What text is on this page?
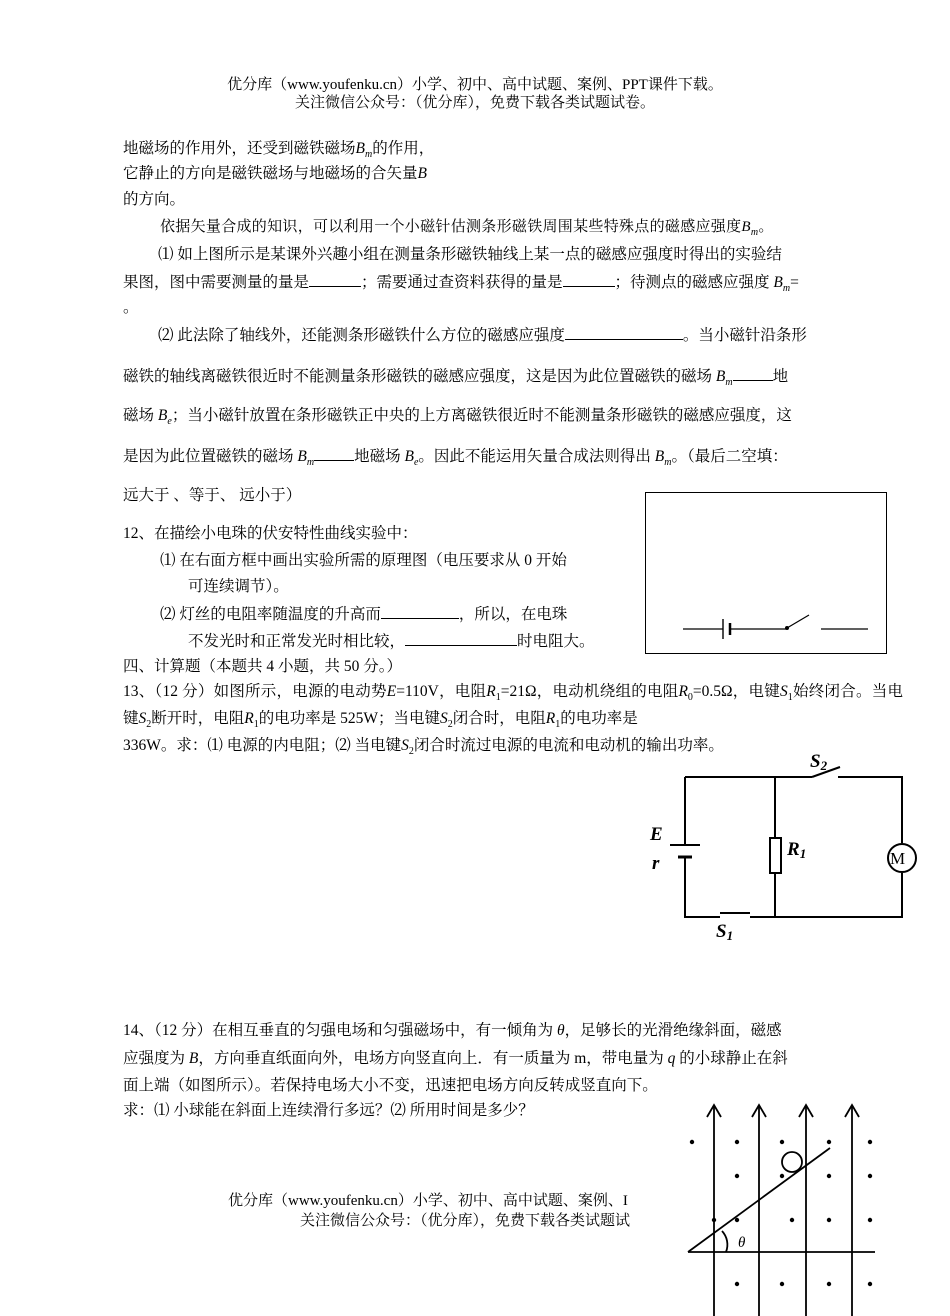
优分库（www.youfenku.cn）小学、初中、高中试题、案例、PPT课件下载。
关注微信公众号：（优分库），免费下载各类试题试卷。
地磁场的作用外，还受到磁铁磁场$B_m$的作用，
它静止的方向是磁铁磁场与地磁场的合矢量B
的方向。
依据矢量合成的知识，可以利用一个小磁针估测条形磁铁周围某些特殊点的磁感应强度$B_m$。
⑴ 如上图所示是某课外兴趣小组在测量条形磁铁轴线上某一点的磁感应强度时得出的实验结
果图，图中需要测量的量是	；需要通过查资料获得的量是	；待测点的磁感应强度 $B_m=$
。
⑵ 此法除了轴线外，还能测条形磁铁什么方位的磁感应强度	。当小磁针沿条形
磁铁的轴线离磁铁很近时不能测量条形磁铁的磁感应强度，这是因为此位置磁铁的磁场 $B_m$	地
磁场 $B_e$；当小磁针放置在条形磁铁正中央的上方离磁铁很近时不能测量条形磁铁的磁感应强度，这
是因为此位置磁铁的磁场 $B_m$	地磁场 $B_e$。因此不能运用矢量合成法则得出 $B_m$。（最后二空填：
远大于 、等于、 远小于）
12、在描绘小电珠的伏安特性曲线实验中：
⑴ 在右面方框中画出实验所需的原理图（电压要求从 0 开始
可连续调节）。
⑵ 灯丝的电阻率随温度的升高而	，所以，在电珠
不发光时和正常发光时相比较，	时电阻大。
四、计算题（本题共 4 小题，共 50 分。）
13、（12 分）如图所示，电源的电动势E=110V，电阻$R_1=21\Omega$，电动机绕组的电阻$R_0=0.5\Omega$，电键$S_1$始终闭合。当电键$S_2$断开时，电阻$R_1$的电功率是 525W；当电键$S_2$闭合时，电阻$R_1$的电功率是
336W。求：⑴ 电源的内电阻；⑵ 当电键$S_2$闭合时流过电源的电流和电动机的输出功率。
M
E
r
R1
S2
S1
14、（12 分）在相互垂直的匀强电场和匀强磁场中，有一倾角为 θ，足够长的光滑绝缘斜面，磁感
应强度为 B，方向垂直纸面向外，电场方向竖直向上．有一质量为 m，带电量为 q 的小球静止在斜
面上端（如图所示）。若保持电场大小不变，迅速把电场方向反转成竖直向下。
求：⑴ 小球能在斜面上连续滑行多远？⑵ 所用时间是多少？
优分库（www.youfenku.cn）小学、初中、高中试题、案例、I
关注微信公众号：（优分库），免费下载各类试题试
θ
